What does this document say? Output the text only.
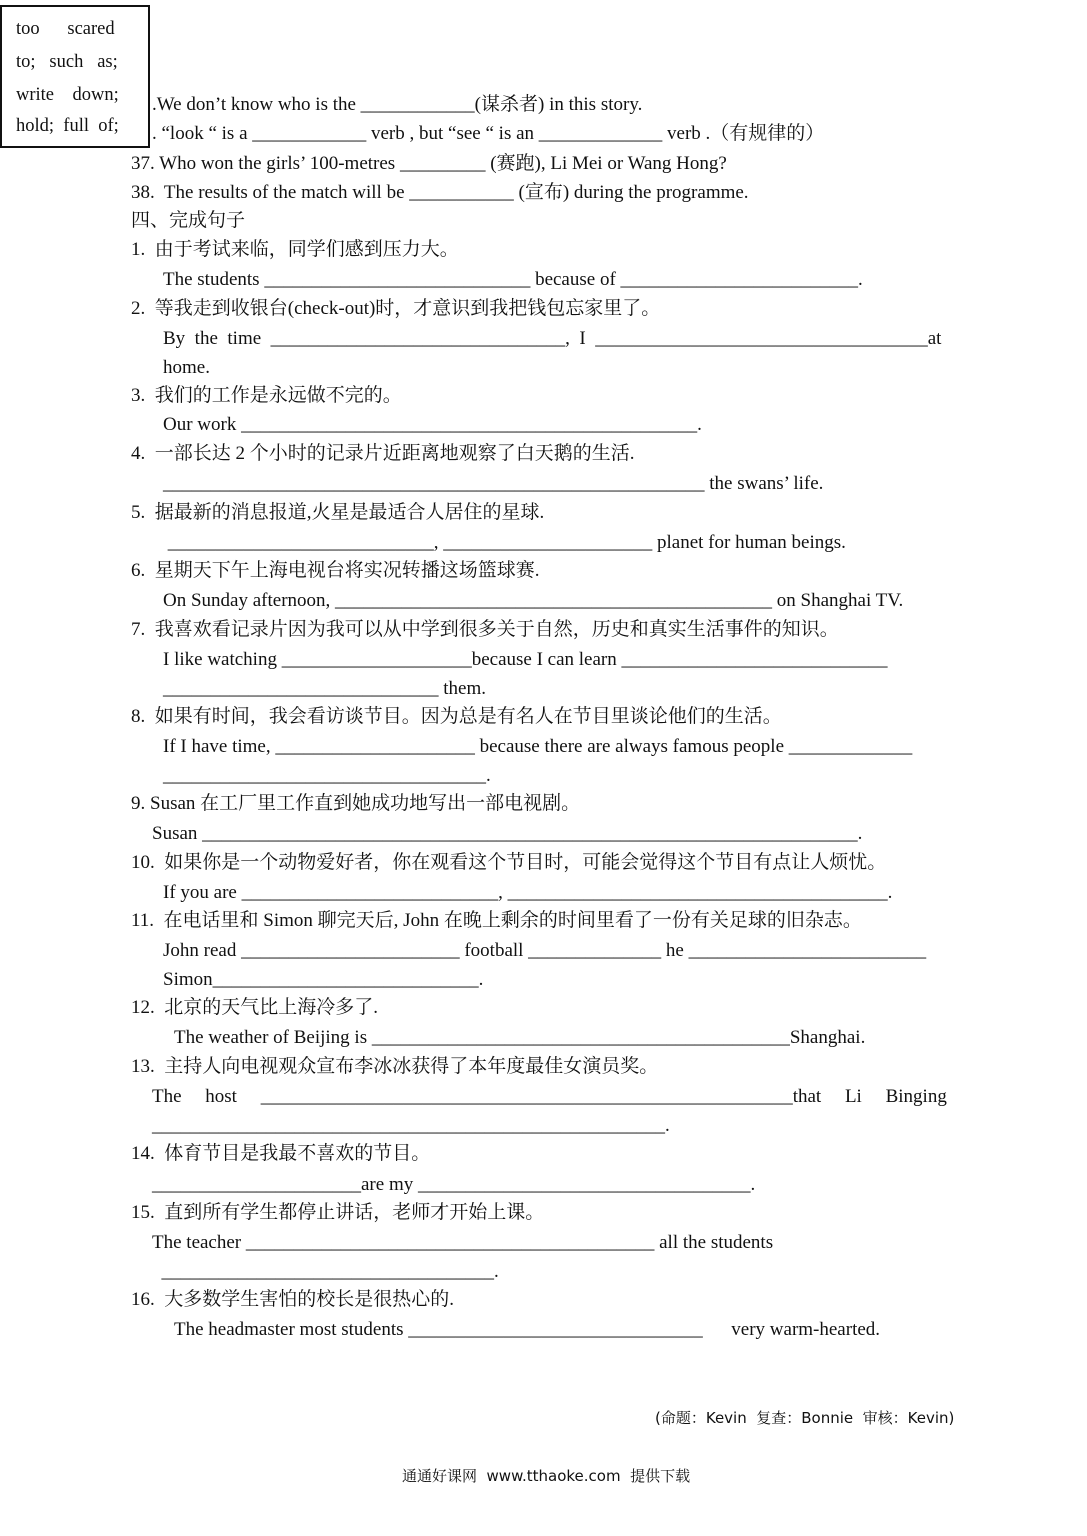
too      scared
to;   such   as;
write    down;
hold;  full  of;
.We don’t know who is the ____________(谋杀者) in this story.
. “look “ is a ____________ verb , but “see “ is an _____________ verb .（有规律的）
37. Who won the girls’ 100-metres _________ (赛跑), Li Mei or Wang Hong?
38.  The results of the match will be ___________ (宣布) during the programme.
四、完成句子
1.  由于考试来临，同学们感到压力大。
The students ____________________________ because of _________________________.
2.  等我走到收银台(check-out)时，才意识到我把钱包忘家里了。
By  the  time  _______________________________,  I  ___________________________________at
home.
3.  我们的工作是永远做不完的。
Our work ________________________________________________.
4.  一部长达 2 个小时的记录片近距离地观察了白天鹅的生活.
_________________________________________________________ the swans’ life.
5.  据最新的消息报道,火星是最适合人居住的星球.
____________________________, ______________________ planet for human beings.
6.  星期天下午上海电视台将实况转播这场篮球赛.
On Sunday afternoon, ______________________________________________ on Shanghai TV.
7.  我喜欢看记录片因为我可以从中学到很多关于自然，历史和真实生活事件的知识。
I like watching ____________________because I can learn ____________________________
_____________________________ them.
8.  如果有时间，我会看访谈节目。因为总是有名人在节目里谈论他们的生活。
If I have time, _____________________ because there are always famous people _____________
__________________________________.
9. Susan 在工厂里工作直到她成功地写出一部电视剧。
Susan _____________________________________________________________________.
10.  如果你是一个动物爱好者，你在观看这个节目时，可能会觉得这个节目有点让人烦忧。
If you are ___________________________, ________________________________________.
11.  在电话里和 Simon 聊完天后, John 在晚上剩余的时间里看了一份有关足球的旧杂志。
John read _______________________ football ______________ he _________________________
Simon____________________________.
12.  北京的天气比上海冷多了.
The weather of Beijing is ____________________________________________Shanghai.
13.  主持人向电视观众宣布李冰冰获得了本年度最佳女演员奖。
The     host     ________________________________________________________that     Li     Binging
______________________________________________________.
14.  体育节目是我最不喜欢的节目。
______________________are my ___________________________________.
15.  直到所有学生都停止讲话，老师才开始上课。
The teacher ___________________________________________ all the students
___________________________________.
16.  大多数学生害怕的校长是很热心的.
The headmaster most students _______________________________      very warm-hearted.
(命题：Kevin  复查：Bonnie  审核：Kevin)
通通好课网  www.tthaoke.com  提供下载
